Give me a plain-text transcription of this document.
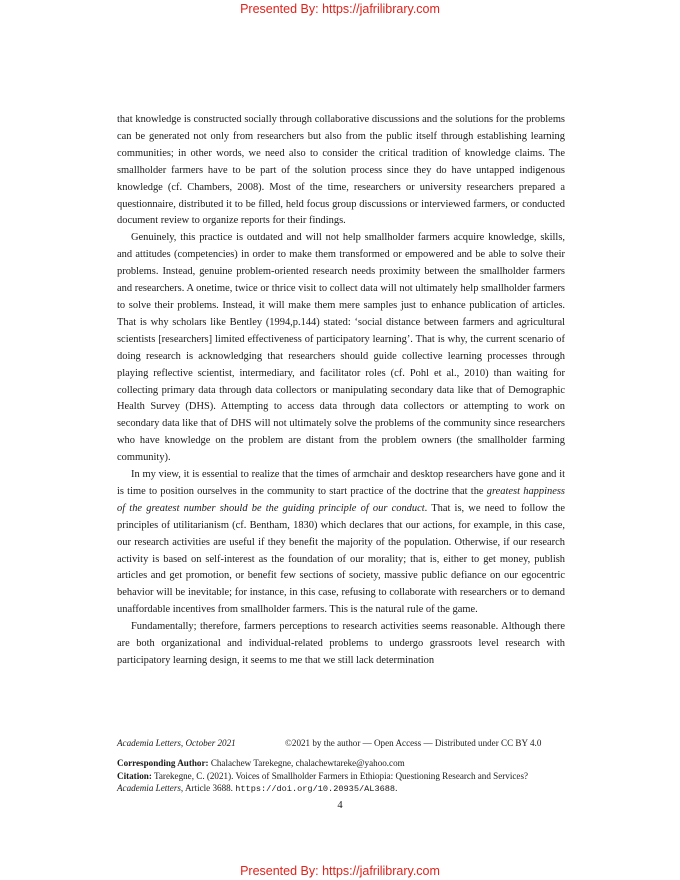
Presented By: https://jafrilibrary.com

that knowledge is constructed socially through collaborative discussions and the solutions for the problems can be generated not only from researchers but also from the public itself through establishing learning communities; in other words, we need also to consider the critical tradition of knowledge claims. The smallholder farmers have to be part of the solution process since they do have untapped indigenous knowledge (cf. Chambers, 2008). Most of the time, researchers or university researchers prepared a questionnaire, distributed it to be filled, held focus group discussions or interviewed farmers, or conducted document review to organize reports for their findings.

Genuinely, this practice is outdated and will not help smallholder farmers acquire knowledge, skills, and attitudes (competencies) in order to make them transformed or empowered and be able to solve their problems. Instead, genuine problem-oriented research needs proximity between the smallholder farmers and researchers. A onetime, twice or thrice visit to collect data will not ultimately help smallholder farmers to solve their problems. Instead, it will make them mere samples just to enhance publication of articles. That is why scholars like Bentley (1994,p.144) stated: ‘social distance between farmers and agricultural scientists [researchers] limited effectiveness of participatory learning’. That is why, the current scenario of doing research is acknowledging that researchers should guide collective learning processes through playing reflective scientist, intermediary, and facilitator roles (cf. Pohl et al., 2010) than waiting for collecting primary data through data collectors or manipulating secondary data like that of Demographic Health Survey (DHS). Attempting to access data through data collectors or attempting to work on secondary data like that of DHS will not ultimately solve the problems of the community since researchers who have knowledge on the problem are distant from the problem owners (the smallholder farming community).

In my view, it is essential to realize that the times of armchair and desktop researchers have gone and it is time to position ourselves in the community to start practice of the doctrine that the greatest happiness of the greatest number should be the guiding principle of our conduct. That is, we need to follow the principles of utilitarianism (cf. Bentham, 1830) which declares that our actions, for example, in this case, our research activities are useful if they benefit the majority of the population. Otherwise, if our research activity is based on self-interest as the foundation of our morality; that is, either to get money, publish articles and get promotion, or benefit few sections of society, massive public defiance on our egocentric behavior will be inevitable; for instance, in this case, refusing to collaborate with researchers or to demand unaffordable incentives from smallholder farmers. This is the natural rule of the game.

Fundamentally; therefore, farmers perceptions to research activities seems reasonable. Although there are both organizational and individual-related problems to undergo grassroots level research with participatory learning design, it seems to me that we still lack determination

Academia Letters, October 2021	©2021 by the author — Open Access — Distributed under CC BY 4.0
Corresponding Author: Chalachew Tarekegne, chalachewtareke@yahoo.com
Citation: Tarekegne, C. (2021). Voices of Smallholder Farmers in Ethiopia: Questioning Research and Services? Academia Letters, Article 3688. https://doi.org/10.20935/AL3688.
4
Presented By: https://jafrilibrary.com
